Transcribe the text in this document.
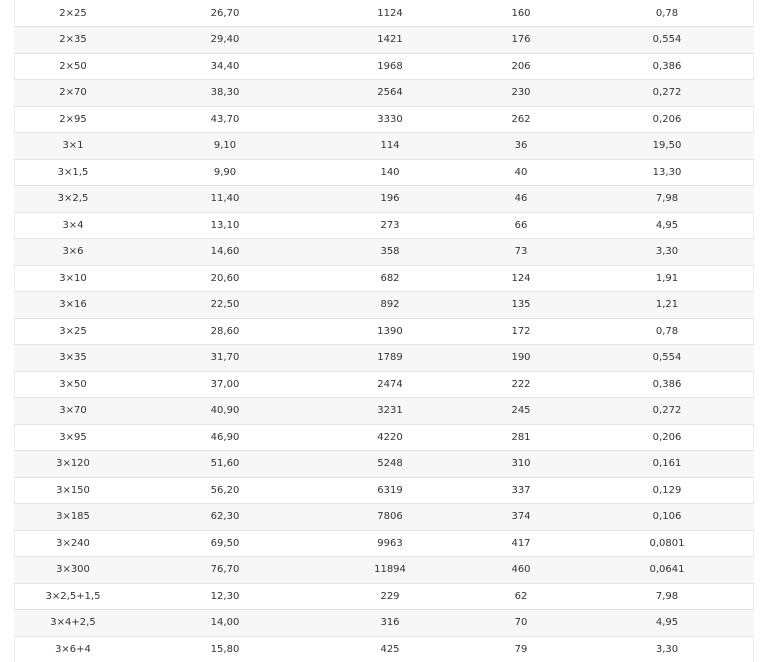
2×25	26,70	1124	160	0,78
2×35	29,40	1421	176	0,554
2×50	34,40	1968	206	0,386
2×70	38,30	2564	230	0,272
2×95	43,70	3330	262	0,206
3×1	9,10	114	36	19,50
3×1,5	9,90	140	40	13,30
3×2,5	11,40	196	46	7,98
3×4	13,10	273	66	4,95
3×6	14,60	358	73	3,30
3×10	20,60	682	124	1,91
3×16	22,50	892	135	1,21
3×25	28,60	1390	172	0,78
3×35	31,70	1789	190	0,554
3×50	37,00	2474	222	0,386
3×70	40,90	3231	245	0,272
3×95	46,90	4220	281	0,206
3×120	51,60	5248	310	0,161
3×150	56,20	6319	337	0,129
3×185	62,30	7806	374	0,106
3×240	69,50	9963	417	0,0801
3×300	76,70	11894	460	0,0641
3×2,5+1,5	12,30	229	62	7,98
3×4+2,5	14,00	316	70	4,95
3×6+4	15,80	425	79	3,30
